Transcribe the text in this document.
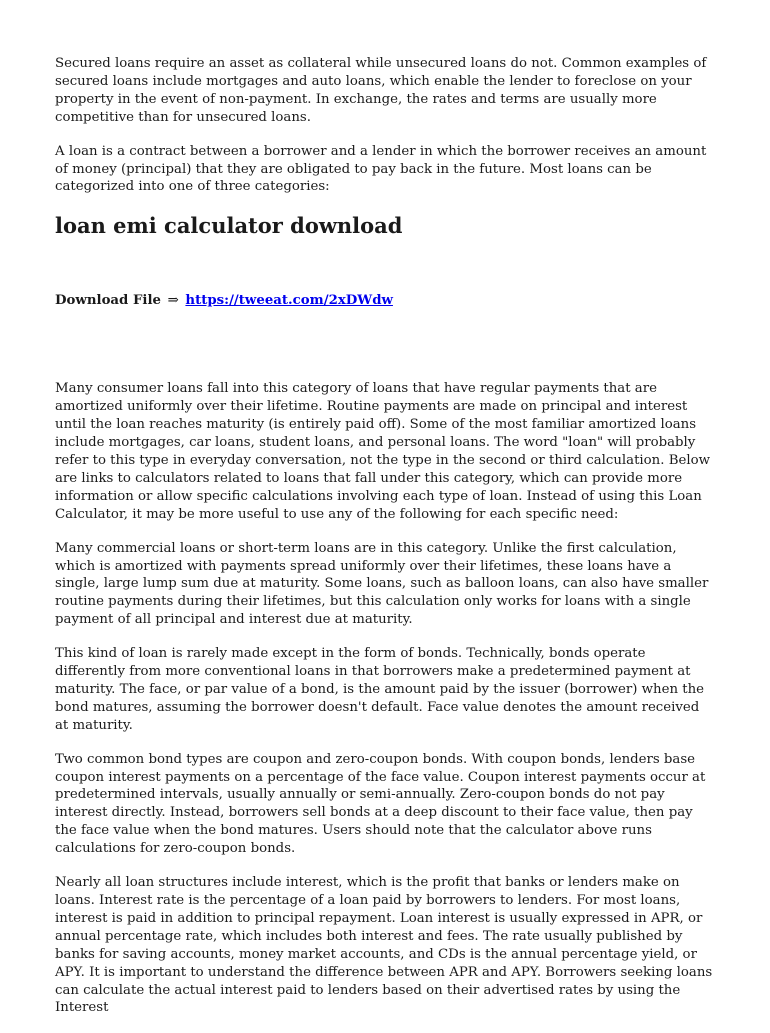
Secured loans require an asset as collateral while unsecured loans do not. Common examples of secured loans include mortgages and auto loans, which enable the lender to foreclose on your property in the event of non-payment. In exchange, the rates and terms are usually more competitive than for unsecured loans.

A loan is a contract between a borrower and a lender in which the borrower receives an amount of money (principal) that they are obligated to pay back in the future. Most loans can be categorized into one of three categories:

loan emi calculator download
Download File ⇒ https://tweeat.com/2xDWdw

Many consumer loans fall into this category of loans that have regular payments that are amortized uniformly over their lifetime. Routine payments are made on principal and interest until the loan reaches maturity (is entirely paid off). Some of the most familiar amortized loans include mortgages, car loans, student loans, and personal loans. The word "loan" will probably refer to this type in everyday conversation, not the type in the second or third calculation. Below are links to calculators related to loans that fall under this category, which can provide more information or allow specific calculations involving each type of loan. Instead of using this Loan Calculator, it may be more useful to use any of the following for each specific need:

Many commercial loans or short-term loans are in this category. Unlike the first calculation, which is amortized with payments spread uniformly over their lifetimes, these loans have a single, large lump sum due at maturity. Some loans, such as balloon loans, can also have smaller routine payments during their lifetimes, but this calculation only works for loans with a single payment of all principal and interest due at maturity.

This kind of loan is rarely made except in the form of bonds. Technically, bonds operate differently from more conventional loans in that borrowers make a predetermined payment at maturity. The face, or par value of a bond, is the amount paid by the issuer (borrower) when the bond matures, assuming the borrower doesn't default. Face value denotes the amount received at maturity.

Two common bond types are coupon and zero-coupon bonds. With coupon bonds, lenders base coupon interest payments on a percentage of the face value. Coupon interest payments occur at predetermined intervals, usually annually or semi-annually. Zero-coupon bonds do not pay interest directly. Instead, borrowers sell bonds at a deep discount to their face value, then pay the face value when the bond matures. Users should note that the calculator above runs calculations for zero-coupon bonds.

Nearly all loan structures include interest, which is the profit that banks or lenders make on loans. Interest rate is the percentage of a loan paid by borrowers to lenders. For most loans, interest is paid in addition to principal repayment. Loan interest is usually expressed in APR, or annual percentage rate, which includes both interest and fees. The rate usually published by banks for saving accounts, money market accounts, and CDs is the annual percentage yield, or APY. It is important to understand the difference between APR and APY. Borrowers seeking loans can calculate the actual interest paid to lenders based on their advertised rates by using the Interest
